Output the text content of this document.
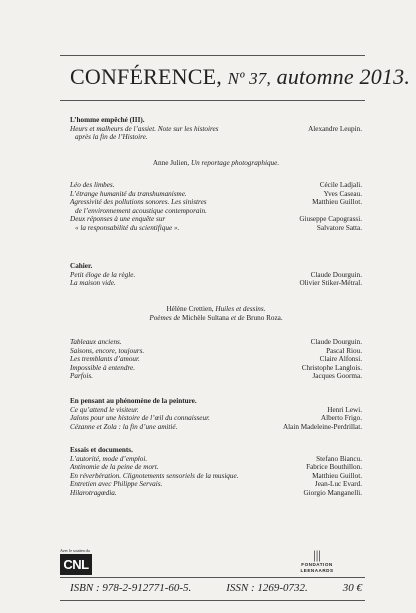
CONFÉRENCE, Nº 37, automne 2013.
L’homme empêché (III).
Heurs et malheurs de l’assiet. Note sur les histoires	Alexandre Leupin.
après la fin de l’Histoire.
Anne Julien, Un reportage photographique.
Léo des limbes.	Cécile Ladjali.
L’étrange humanité du transhumanisme.	Yves Caseau.
Agressivité des pollutions sonores. Les sinistres	Matthieu Guillot.
de l’environnement acoustique contemporain.
Deux réponses à une enquête sur	Giuseppe Capograssi.
« la responsabilité du scientifique ».	Salvatore Satta.
Cahier.
Petit éloge de la règle.	Claude Dourguin.
La maison vide.	Olivier Stiker-Métral.
Hélène Crettien, Huiles et dessins.
Poèmes de Michèle Sultana et de Bruno Roza.
Tableaux anciens.	Claude Dourguin.
Saisons, encore, toujours.	Pascal Riou.
Les tremblants d’amour.	Claire Alfonsi.
Impossible à entendre.	Christophe Langlois.
Parfois.	Jacques Goorma.
En pensant au phénomène de la peinture.
Ce qu’attend le visiteur.	Henri Lewi.
Jalons pour une histoire de l’œil du connaisseur.	Alberto Frigo.
Cézanne et Zola : la fin d’une amitié.	Alain Madeleine-Perdrillat.
Essais et documents.
L’autorité, mode d’emploi.	Stefano Biancu.
Antinomie de la peine de mort.	Fabrice Bouthillon.
En réverbération. Clignotements sensoriels de la musique.	Matthieu Guillot.
Entretien avec Philippe Servais.	Jean-Luc Evard.
Hilarotragœdia.	Giorgio Manganelli.
Avec le soutien du
CNL
|||
FONDATION
LEENAARDS
ISBN : 978-2-912771-60-5.	ISSN : 1269-0732.	30 €
